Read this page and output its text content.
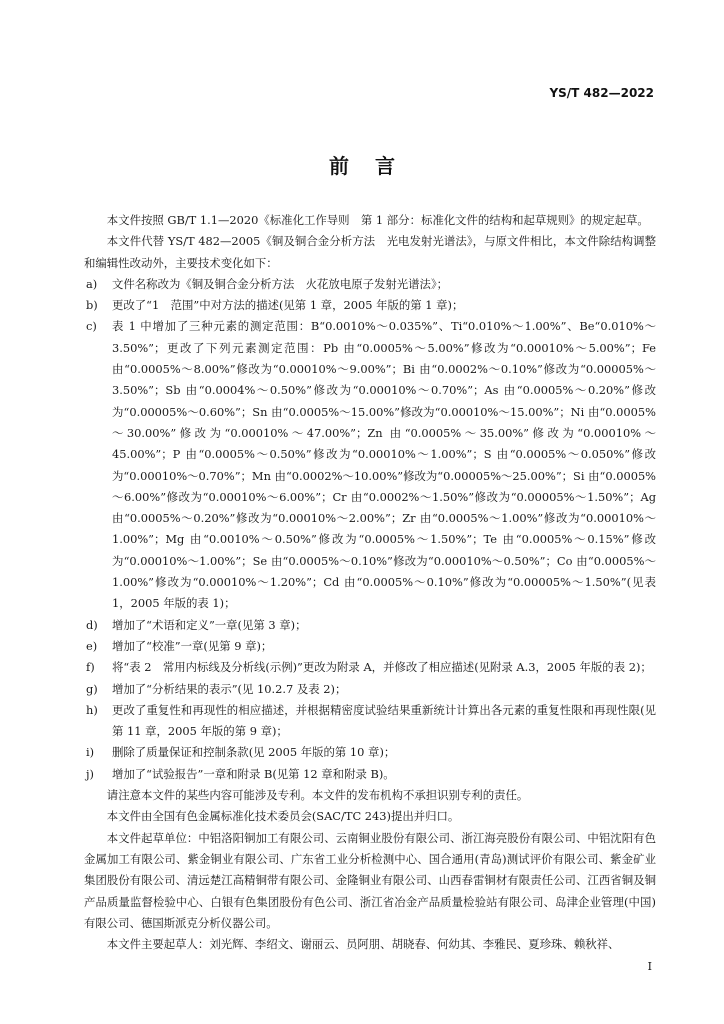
YS/T 482—2022
前言

本文件按照 GB/T 1.1—2020《标准化工作导则　第 1 部分：标准化文件的结构和起草规则》的规定起草。

本文件代替 YS/T 482—2005《铜及铜合金分析方法　光电发射光谱法》，与原文件相比，本文件除结构调整和编辑性改动外，主要技术变化如下：

a)	文件名称改为《铜及铜合金分析方法　火花放电原子发射光谱法》；
b)	更改了“1　范围”中对方法的描述(见第 1 章，2005 年版的第 1 章)；
c)	表 1 中增加了三种元素的测定范围：B“0.0010%～0.035%”、Ti“0.010%～1.00%”、Be“0.010%～3.50%”；更改了下列元素测定范围：Pb 由“0.0005%～5.00%”修改为“0.00010%～5.00%”；Fe 由“0.0005%～8.00%”修改为“0.00010%～9.00%”；Bi 由“0.0002%～0.10%”修改为“0.00005%～3.50%”；Sb 由“0.0004%～0.50%”修改为“0.00010%～0.70%”；As 由“0.0005%～0.20%”修改为“0.00005%～0.60%”；Sn 由“0.0005%～15.00%”修改为“0.00010%～15.00%”；Ni 由“0.0005%～30.00%”修改为“0.00010%～47.00%”；Zn 由“0.0005%～35.00%”修改为“0.00010%～45.00%”；P 由“0.0005%～0.50%”修改为“0.00010%～1.00%”；S 由“0.0005%～0.050%”修改为“0.00010%～0.70%”；Mn 由“0.0002%～10.00%”修改为“0.00005%～25.00%”；Si 由“0.0005%～6.00%”修改为“0.00010%～6.00%”；Cr 由“0.0002%～1.50%”修改为“0.00005%～1.50%”；Ag 由“0.0005%～0.20%”修改为“0.00010%～2.00%”；Zr 由“0.0005%～1.00%”修改为“0.00010%～1.00%”；Mg 由“0.0010%～0.50%”修改为“0.0005%～1.50%”；Te 由“0.0005%～0.15%”修改为“0.00010%～1.00%”；Se 由“0.0005%～0.10%”修改为“0.00010%～0.50%”；Co 由“0.0005%～1.00%”修改为“0.00010%～1.20%”；Cd 由“0.0005%～0.10%”修改为“0.00005%～1.50%”(见表 1，2005 年版的表 1)；
d)	增加了“术语和定义”一章(见第 3 章)；
e)	增加了“校准”一章(见第 9 章)；
f)	将“表 2　常用内标线及分析线(示例)”更改为附录 A，并修改了相应描述(见附录 A.3，2005 年版的表 2)；
g)	增加了“分析结果的表示”(见 10.2.7 及表 2)；
h)	更改了重复性和再现性的相应描述，并根据精密度试验结果重新统计计算出各元素的重复性限和再现性限(见第 11 章，2005 年版的第 9 章)；
i)	删除了质量保证和控制条款(见 2005 年版的第 10 章)；
j)	增加了“试验报告”一章和附录 B(见第 12 章和附录 B)。

请注意本文件的某些内容可能涉及专利。本文件的发布机构不承担识别专利的责任。

本文件由全国有色金属标准化技术委员会(SAC/TC 243)提出并归口。

本文件起草单位：中铝洛阳铜加工有限公司、云南铜业股份有限公司、浙江海亮股份有限公司、中铝沈阳有色金属加工有限公司、紫金铜业有限公司、广东省工业分析检测中心、国合通用(青岛)测试评价有限公司、紫金矿业集团股份有限公司、清远楚江高精铜带有限公司、金隆铜业有限公司、山西春雷铜材有限责任公司、江西省铜及铜产品质量监督检验中心、白银有色集团股份有色公司、浙江省冶金产品质量检验站有限公司、岛津企业管理(中国)有限公司、德国斯派克分析仪器公司。

本文件主要起草人：刘光辉、李绍文、谢丽云、员阿朋、胡晓春、何幼其、李雅民、夏珍珠、赖秋祥、

I
